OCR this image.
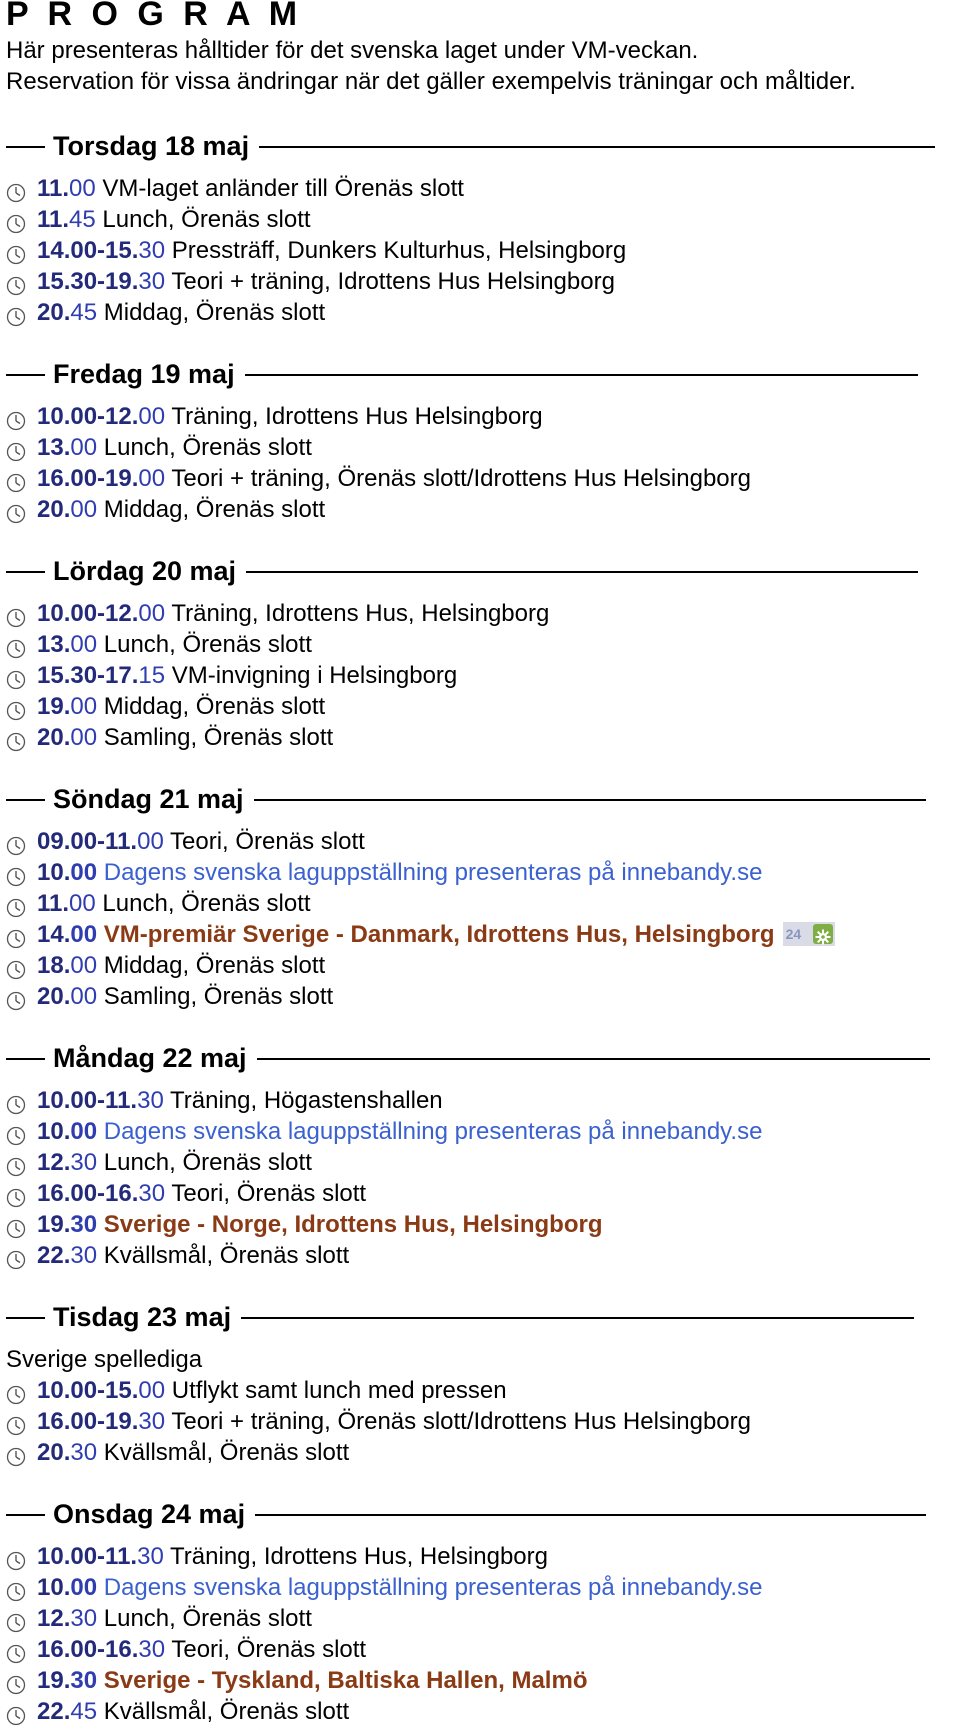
P R O G R A M
Här presenteras hålltider för det svenska laget under VM-veckan.
Reservation för vissa ändringar när det gäller exempelvis träningar och måltider.
Torsdag 18 maj
11.00 VM-laget anländer till Örenäs slott
11.45 Lunch, Örenäs slott
14.00-15.30 Pressträff, Dunkers Kulturhus, Helsingborg
15.30-19.30 Teori + träning, Idrottens Hus Helsingborg
20.45 Middag, Örenäs slott
Fredag 19 maj
10.00-12.00 Träning, Idrottens Hus Helsingborg
13.00 Lunch, Örenäs slott
16.00-19.00 Teori + träning, Örenäs slott/Idrottens Hus Helsingborg
20.00 Middag, Örenäs slott
Lördag 20 maj
10.00-12.00 Träning, Idrottens Hus, Helsingborg
13.00 Lunch, Örenäs slott
15.30-17.15 VM-invigning i Helsingborg
19.00 Middag, Örenäs slott
20.00 Samling, Örenäs slott
Söndag 21 maj
09.00-11.00 Teori, Örenäs slott
10.00 Dagens svenska laguppställning presenteras på innebandy.se
11.00 Lunch, Örenäs slott
14.00 VM-premiär Sverige - Danmark, Idrottens Hus, Helsingborg 24
18.00 Middag, Örenäs slott
20.00 Samling, Örenäs slott
Måndag 22 maj
10.00-11.30 Träning, Högastenshallen
10.00 Dagens svenska laguppställning presenteras på innebandy.se
12.30 Lunch, Örenäs slott
16.00-16.30 Teori, Örenäs slott
19.30 Sverige - Norge, Idrottens Hus, Helsingborg
22.30 Kvällsmål, Örenäs slott
Tisdag 23 maj
Sverige spellediga
10.00-15.00 Utflykt samt lunch med pressen
16.00-19.30 Teori + träning, Örenäs slott/Idrottens Hus Helsingborg
20.30 Kvällsmål, Örenäs slott
Onsdag 24 maj
10.00-11.30 Träning, Idrottens Hus, Helsingborg
10.00 Dagens svenska laguppställning presenteras på innebandy.se
12.30 Lunch, Örenäs slott
16.00-16.30 Teori, Örenäs slott
19.30 Sverige - Tyskland, Baltiska Hallen, Malmö
22.45 Kvällsmål, Örenäs slott
